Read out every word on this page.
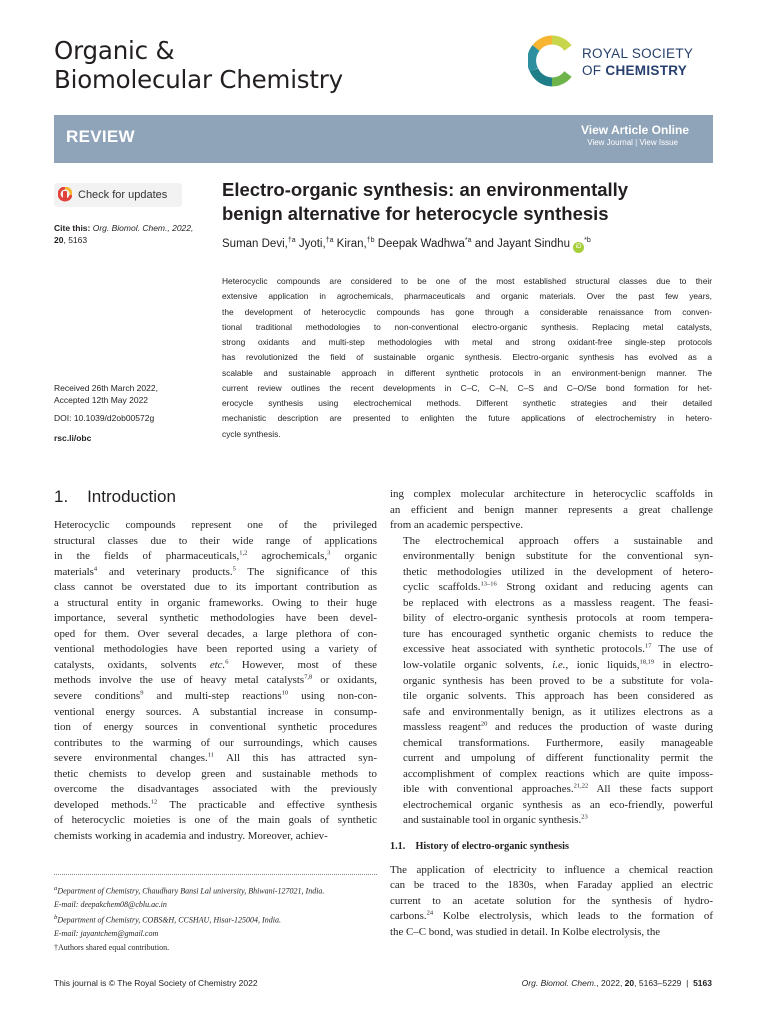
Organic &
Biomolecular Chemistry
ROYAL SOCIETY
OF CHEMISTRY
REVIEW	View Article Online
View Journal | View Issue
Check for updates
Cite this: Org. Biomol. Chem., 2022,
20, 5163
Received 26th March 2022,
Accepted 12th May 2022
DOI: 10.1039/d2ob00572g
rsc.li/obc
Electro-organic synthesis: an environmentally
benign alternative for heterocycle synthesis
Suman Devi,$^{\dagger a}$ Jyoti,$^{\dagger a}$ Kiran,$^{\dagger b}$ Deepak Wadhwa$^{*a}$ and Jayant Sindhu $iD^{*b}$
Heterocyclic compounds are considered to be one of the most established structural classes due to their
extensive application in agrochemicals, pharmaceuticals and organic materials. Over the past few years,
the development of heterocyclic compounds has gone through a considerable renaissance from conven-
tional traditional methodologies to non-conventional electro-organic synthesis. Replacing metal catalysts,
strong oxidants and multi-step methodologies with metal and strong oxidant-free single-step protocols
has revolutionized the field of sustainable organic synthesis. Electro-organic synthesis has evolved as a
scalable and sustainable approach in different synthetic protocols in an environment-benign manner. The
current review outlines the recent developments in C–C, C–N, C–S and C–O/Se bond formation for het-
erocycle synthesis using electrochemical methods. Different synthetic strategies and their detailed
mechanistic description are presented to enlighten the future applications of electrochemistry in hetero-
cycle synthesis.
1.    Introduction

Heterocyclic compounds represent one of the privileged
structural classes due to their wide range of applications
in the fields of pharmaceuticals,$^{1,2}$ agrochemicals,$^3$ organic
materials$^4$ and veterinary products.$^5$ The significance of this
class cannot be overstated due to its important contribution as
a structural entity in organic frameworks. Owing to their huge
importance, several synthetic methodologies have been devel-
oped for them. Over several decades, a large plethora of con-
ventional methodologies have been reported using a variety of
catalysts, oxidants, solvents etc.$^6$ However, most of these
methods involve the use of heavy metal catalysts$^{7,8}$ or oxidants,
severe conditions$^9$ and multi-step reactions$^{10}$ using non-con-
ventional energy sources. A substantial increase in consump-
tion of energy sources in conventional synthetic procedures
contributes to the warming of our surroundings, which causes
severe environmental changes.$^{11}$ All this has attracted syn-
thetic chemists to develop green and sustainable methods to
overcome the disadvantages associated with the previously
developed methods.$^{12}$ The practicable and effective synthesis
of heterocyclic moieties is one of the main goals of synthetic
chemists working in academia and industry. Moreover, achiev-

ing complex molecular architecture in heterocyclic scaffolds in
an efficient and benign manner represents a great challenge
from an academic perspective.

The electrochemical approach offers a sustainable and
environmentally benign substitute for the conventional syn-
thetic methodologies utilized in the development of hetero-
cyclic scaffolds.$^{13-16}$ Strong oxidant and reducing agents can
be replaced with electrons as a massless reagent. The feasi-
bility of electro-organic synthesis protocols at room tempera-
ture has encouraged synthetic organic chemists to reduce the
excessive heat associated with synthetic protocols.$^{17}$ The use of
low-volatile organic solvents, i.e., ionic liquids,$^{18,19}$ in electro-
organic synthesis has been proved to be a substitute for vola-
tile organic solvents. This approach has been considered as
safe and environmentally benign, as it utilizes electrons as a
massless reagent$^{20}$ and reduces the production of waste during
chemical transformations. Furthermore, easily manageable
current and umpolung of different functionality permit the
accomplishment of complex reactions which are quite imposs-
ible with conventional approaches.$^{21,22}$ All these facts support
electrochemical organic synthesis as an eco-friendly, powerful
and sustainable tool in organic synthesis.$^{23}$

1.1.    History of electro-organic synthesis

The application of electricity to influence a chemical reaction
can be traced to the 1830s, when Faraday applied an electric
current to an acetate solution for the synthesis of hydro-
carbons.$^{24}$ Kolbe electrolysis, which leads to the formation of
the C–C bond, was studied in detail. In Kolbe electrolysis, the

$^a$Department of Chemistry, Chaudhary Bansi Lal university, Bhiwani-127021, India.
E-mail: deepakchem08@cblu.ac.in
$^b$Department of Chemistry, COBS&H, CCSHAU, Hisar-125004, India.
E-mail: jayantchem@gmail.com
†Authors shared equal contribution.
This journal is © The Royal Society of Chemistry 2022	Org. Biomol. Chem., 2022, 20, 5163–5229  |  5163
